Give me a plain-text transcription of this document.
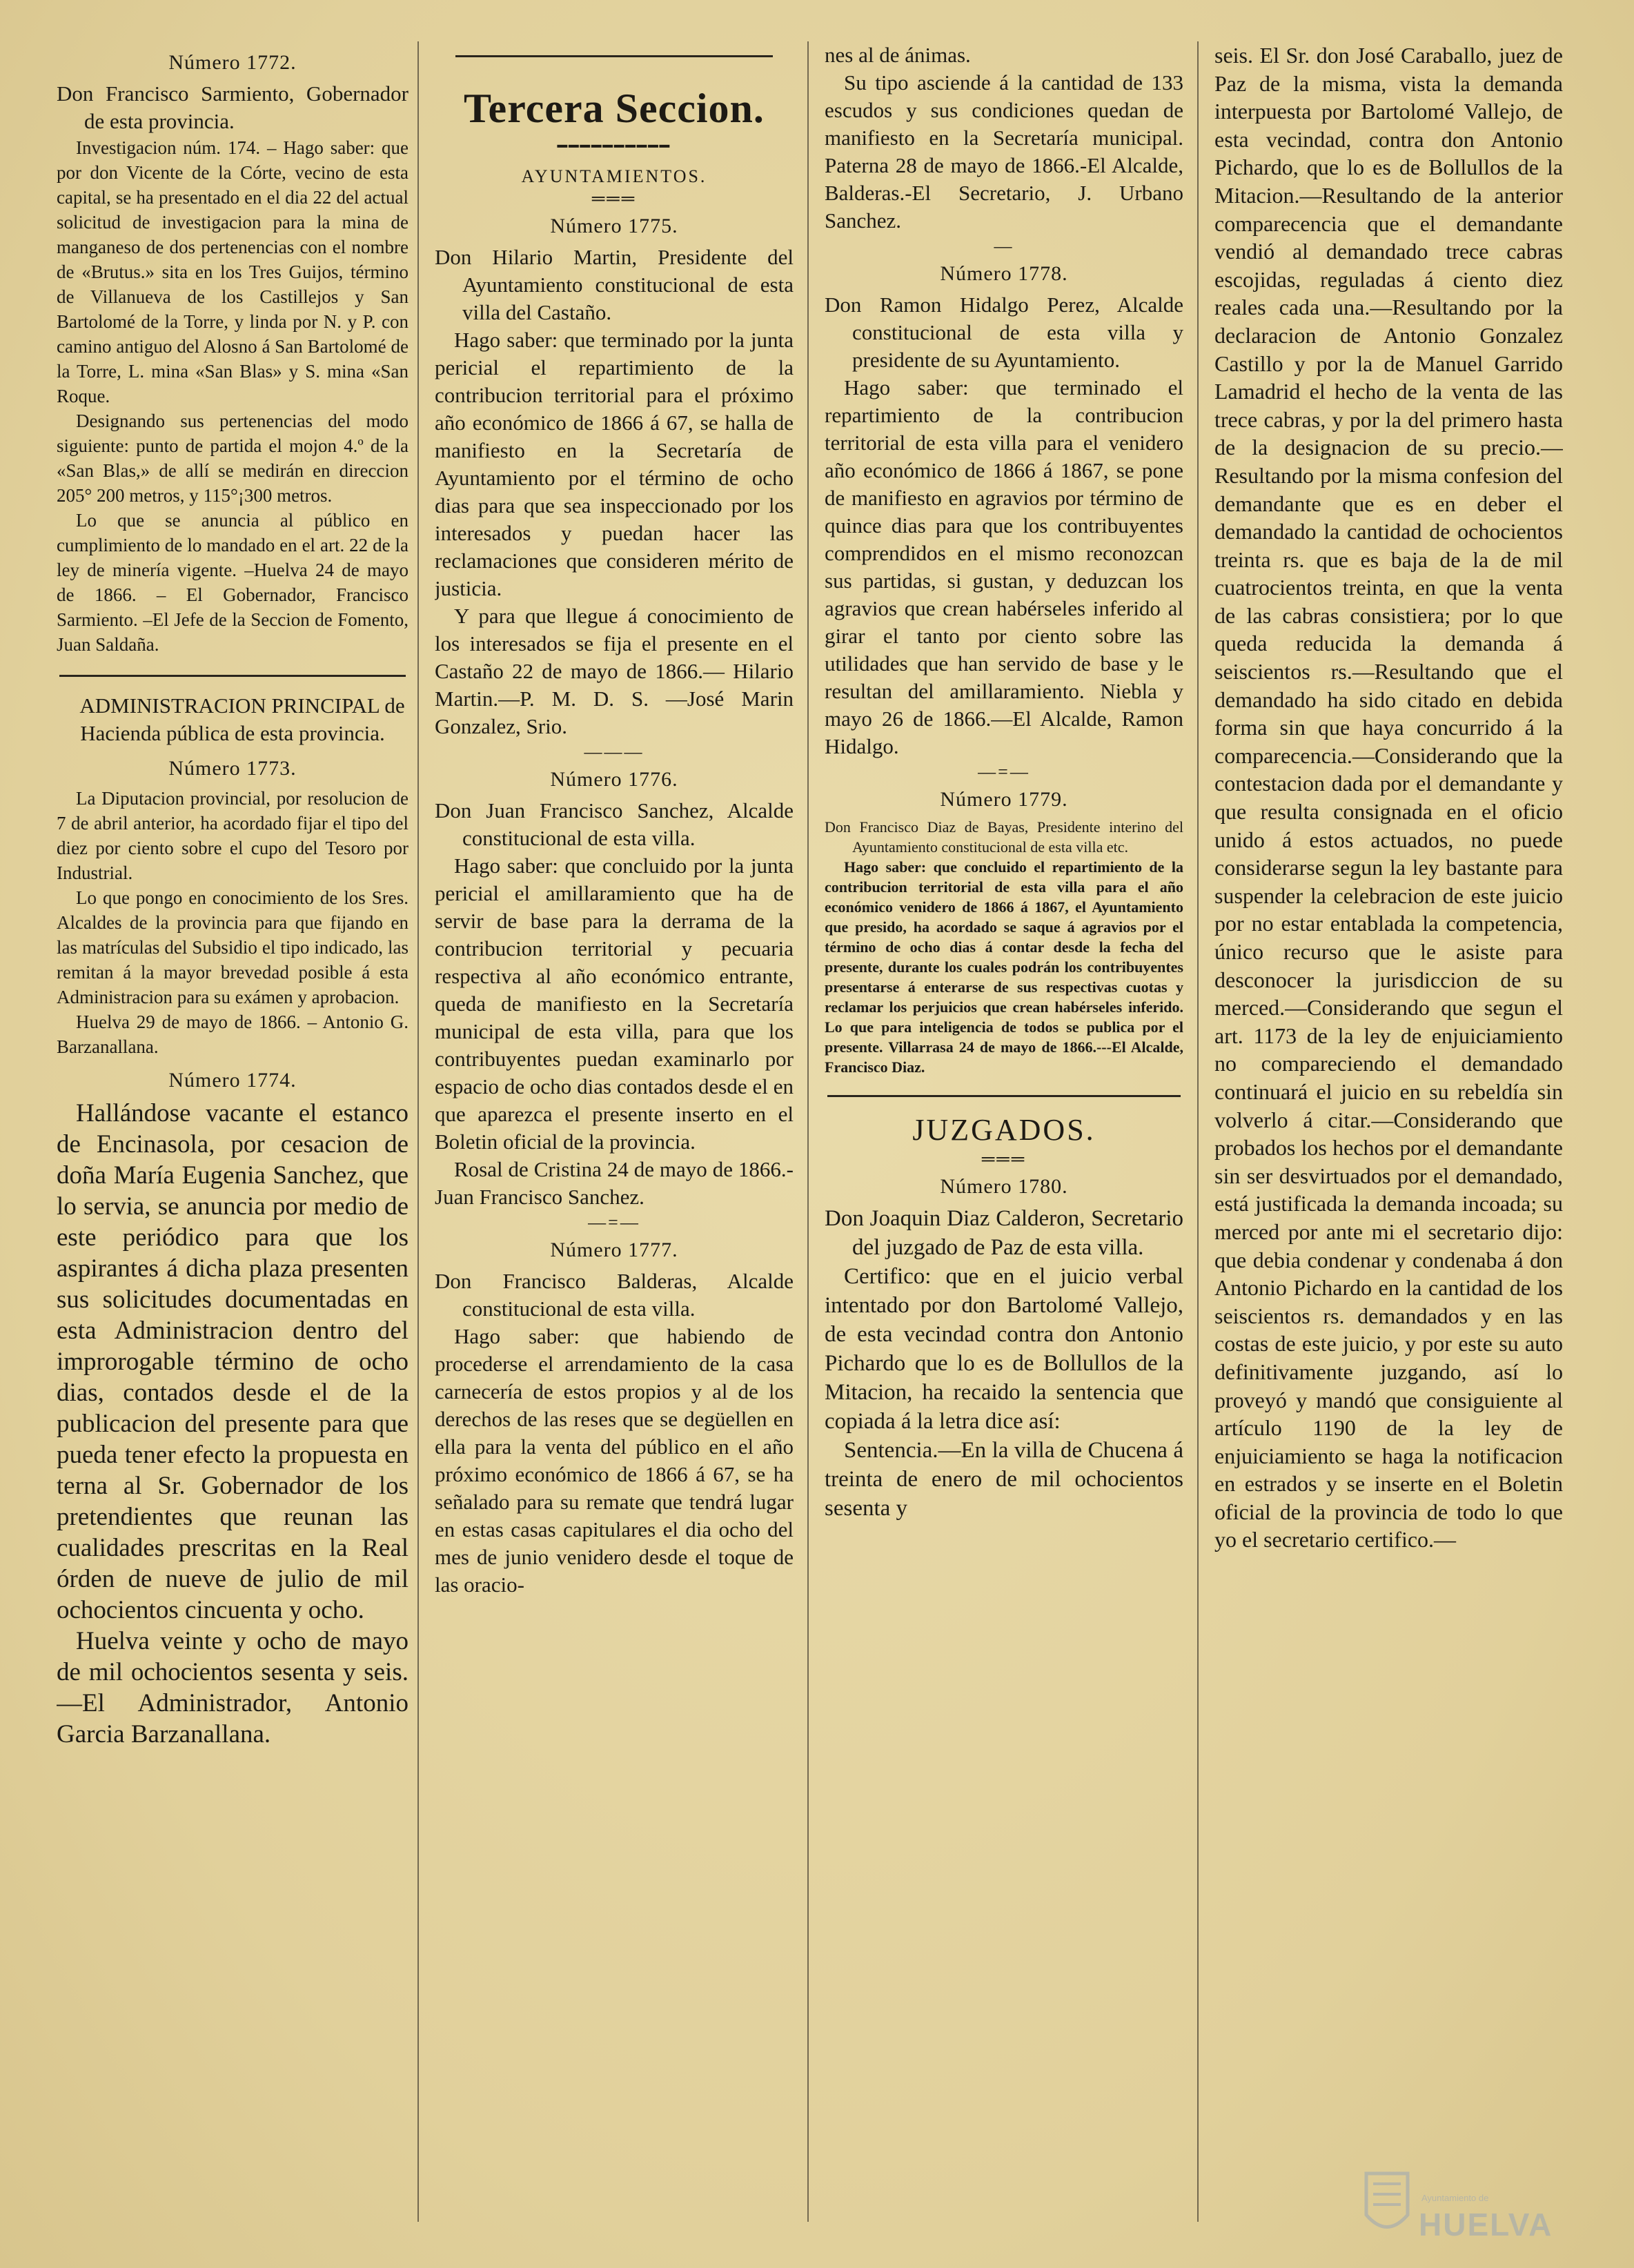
Número 1772.

Don Francisco Sarmiento, Gobernador de esta provincia.

Investigacion núm. 174. – Hago saber: que por don Vicente de la Córte, vecino de esta capital, se ha presentado en el dia 22 del actual solicitud de investigacion para la mina de manganeso de dos pertenencias con el nombre de «Brutus.» sita en los Tres Guijos, término de Villanueva de los Castillejos y San Bartolomé de la Torre, y linda por N. y P. con camino antiguo del Alosno á San Bartolomé de la Torre, L. mina «San Blas» y S. mina «San Roque.

Designando sus pertenencias del modo siguiente: punto de partida el mojon 4.º de la «San Blas,» de allí se medirán en direccion 205° 200 metros, y 115°¡300 metros.

Lo que se anuncia al público en cumplimiento de lo mandado en el art. 22 de la ley de minería vigente. –Huelva 24 de mayo de 1866. – El Gobernador, Francisco Sarmiento. –El Jefe de la Seccion de Fomento, Juan Saldaña.

ADMINISTRACION PRINCIPAL de Hacienda pública de esta provincia.

Número 1773.

La Diputacion provincial, por resolucion de 7 de abril anterior, ha acordado fijar el tipo del diez por ciento sobre el cupo del Tesoro por Industrial.

Lo que pongo en conocimiento de los Sres. Alcaldes de la provincia para que fijando en las matrículas del Subsidio el tipo indicado, las remitan á la mayor brevedad posible á esta Administracion para su exámen y aprobacion.

Huelva 29 de mayo de 1866. – Antonio G. Barzanallana.

Número 1774.

Hallándose vacante el estanco de Encinasola, por cesacion de doña María Eugenia Sanchez, que lo servia, se anuncia por medio de este periódico para que los aspirantes á dicha plaza presenten sus solicitudes documentadas en esta Administracion dentro del improrogable término de ocho dias, contados desde el de la publicacion del presente para que pueda tener efecto la propuesta en terna al Sr. Gobernador de los pretendientes que reunan las cualidades prescritas en la Real órden de nueve de julio de mil ochocientos cincuenta y ocho.

Huelva veinte y ocho de mayo de mil ochocientos sesenta y seis. —El Administrador, Antonio Garcia Barzanallana.

Tercera Seccion.
━━━━━━━━━━
AYUNTAMIENTOS.
═══
Número 1775.

Don Hilario Martin, Presidente del Ayuntamiento constitucional de esta villa del Castaño.

Hago saber: que terminado por la junta pericial el repartimiento de la contribucion territorial para el próximo año económico de 1866 á 67, se halla de manifiesto en la Secretaría de Ayuntamiento por el término de ocho dias para que sea inspeccionado por los interesados y puedan hacer las reclamaciones que consideren mérito de justicia.

Y para que llegue á conocimiento de los interesados se fija el presente en el Castaño 22 de mayo de 1866.— Hilario Martin.—P. M. D. S. —José Marin Gonzalez, Srio.

———
Número 1776.

Don Juan Francisco Sanchez, Alcalde constitucional de esta villa.

Hago saber: que concluido por la junta pericial el amillaramiento que ha de servir de base para la derrama de la contribucion territorial y pecuaria respectiva al año económico entrante, queda de manifiesto en la Secretaría municipal de esta villa, para que los contribuyentes puedan examinarlo por espacio de ocho dias contados desde el en que aparezca el presente inserto en el Boletin oficial de la provincia.

Rosal de Cristina 24 de mayo de 1866.-Juan Francisco Sanchez.

—=—
Número 1777.

Don Francisco Balderas, Alcalde constitucional de esta villa.

Hago saber: que habiendo de procederse el arrendamiento de la casa carnecería de estos propios y al de los derechos de las reses que se degüellen en ella para la venta del público en el año próximo económico de 1866 á 67, se ha señalado para su remate que tendrá lugar en estas casas capitulares el dia ocho del mes de junio venidero desde el toque de las oracio-

nes al de ánimas.

Su tipo asciende á la cantidad de 133 escudos y sus condiciones quedan de manifiesto en la Secretaría municipal. Paterna 28 de mayo de 1866.-El Alcalde, Balderas.-El Secretario, J. Urbano Sanchez.

—
Número 1778.

Don Ramon Hidalgo Perez, Alcalde constitucional de esta villa y presidente de su Ayuntamiento.

Hago saber: que terminado el repartimiento de la contribucion territorial de esta villa para el venidero año económico de 1866 á 1867, se pone de manifiesto en agravios por término de quince dias para que los contribuyentes comprendidos en el mismo reconozcan sus partidas, si gustan, y deduzcan los agravios que crean habérseles inferido al girar el tanto por ciento sobre las utilidades que han servido de base y le resultan del amillaramiento. Niebla y mayo 26 de 1866.—El Alcalde, Ramon Hidalgo.

—=—
Número 1779.

Don Francisco Diaz de Bayas, Presidente interino del Ayuntamiento constitucional de esta villa etc.

Hago saber: que concluido el repartimiento de la contribucion territorial de esta villa para el año económico venidero de 1866 á 1867, el Ayuntamiento que presido, ha acordado se saque á agravios por el término de ocho dias á contar desde la fecha del presente, durante los cuales podrán los contribuyentes presentarse á enterarse de sus respectivas cuotas y reclamar los perjuicios que crean habérseles inferido. Lo que para inteligencia de todos se publica por el presente. Villarrasa 24 de mayo de 1866.---El Alcalde, Francisco Diaz.

JUZGADOS.
═══
Número 1780.

Don Joaquin Diaz Calderon, Secretario del juzgado de Paz de esta villa.

Certifico: que en el juicio verbal intentado por don Bartolomé Vallejo, de esta vecindad contra don Antonio Pichardo que lo es de Bollullos de la Mitacion, ha recaido la sentencia que copiada á la letra dice así:

Sentencia.—En la villa de Chucena á treinta de enero de mil ochocientos sesenta y

seis. El Sr. don José Caraballo, juez de Paz de la misma, vista la demanda interpuesta por Bartolomé Vallejo, de esta vecindad, contra don Antonio Pichardo, que lo es de Bollullos de la Mitacion.—Resultando de la anterior comparecencia que el demandante vendió al demandado trece cabras escojidas, reguladas á ciento diez reales cada una.—Resultando por la declaracion de Antonio Gonzalez Castillo y por la de Manuel Garrido Lamadrid el hecho de la venta de las trece cabras, y por la del primero hasta de la designacion de su precio.—Resultando por la misma confesion del demandante que es en deber el demandado la cantidad de ochocientos treinta rs. que es baja de la de mil cuatrocientos treinta, en que la venta de las cabras consistiera; por lo que queda reducida la demanda á seiscientos rs.—Resultando que el demandado ha sido citado en debida forma sin que haya concurrido á la comparecencia.—Considerando que la contestacion dada por el demandante y que resulta consignada en el oficio unido á estos actuados, no puede considerarse segun la ley bastante para suspender la celebracion de este juicio por no estar entablada la competencia, único recurso que le asiste para desconocer la jurisdiccion de su merced.—Considerando que segun el art. 1173 de la ley de enjuiciamiento no compareciendo el demandado continuará el juicio en su rebeldía sin volverlo á citar.—Considerando que probados los hechos por el demandante sin ser desvirtuados por el demandado, está justificada la demanda incoada; su merced por ante mi el secretario dijo: que debia condenar y condenaba á don Antonio Pichardo en la cantidad de los seiscientos rs. demandados y en las costas de este juicio, y por este su auto definitivamente juzgando, así lo proveyó y mandó que consiguiente al artículo 1190 de la ley de enjuiciamiento se haga la notificacion en estrados y se inserte en el Boletin oficial de la provincia de todo lo que yo el secretario certifico.—

Ayuntamiento de
HUELVA
